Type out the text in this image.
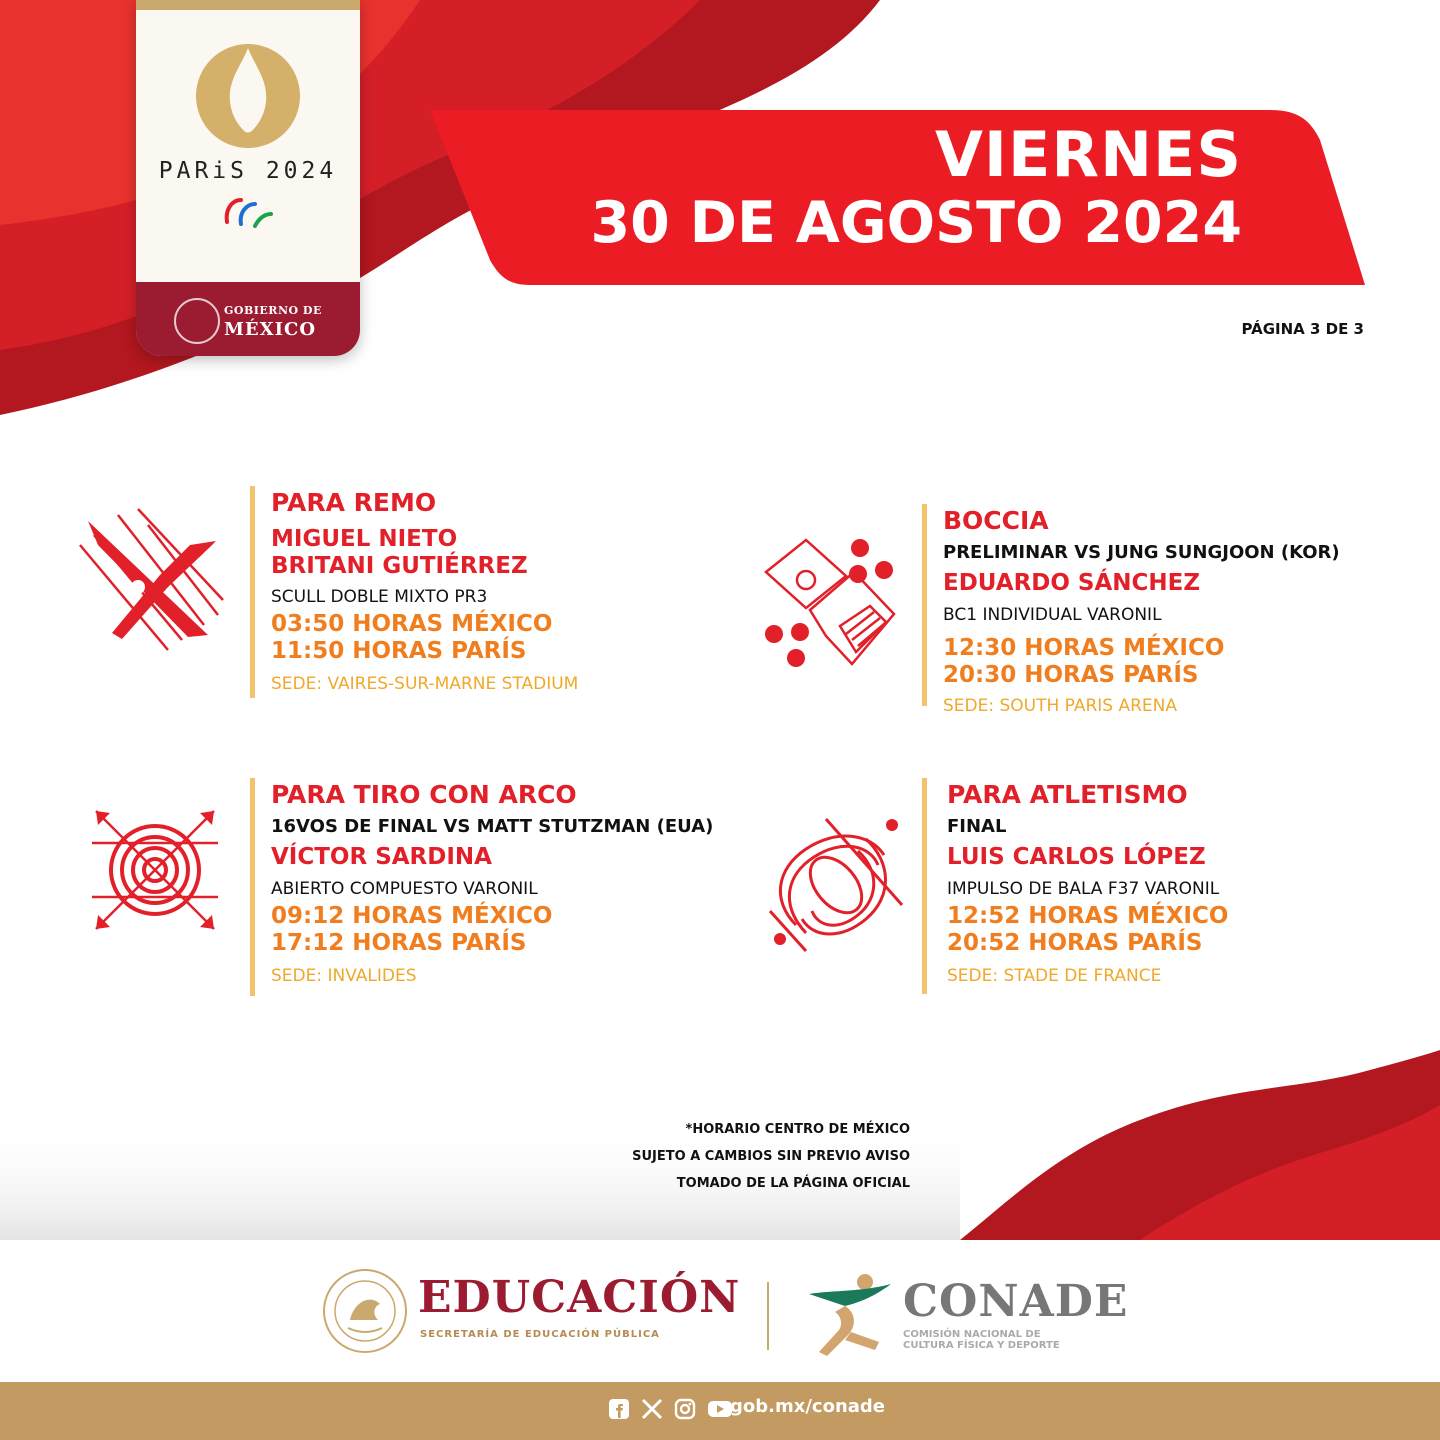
PARiS 2024
GOBIERNO DE
MÉXICO
VIERNES
30 DE AGOSTO 2024
PÁGINA 3 DE 3
PARA REMO
MIGUEL NIETO
BRITANI GUTIÉRREZ
SCULL DOBLE MIXTO PR3
03:50 HORAS MÉXICO
11:50 HORAS PARÍS
SEDE: VAIRES-SUR-MARNE STADIUM
BOCCIA
PRELIMINAR VS JUNG SUNGJOON (KOR)
EDUARDO SÁNCHEZ
BC1 INDIVIDUAL VARONIL
12:30 HORAS MÉXICO
20:30 HORAS PARÍS
SEDE: SOUTH PARIS ARENA
PARA TIRO CON ARCO
16VOS DE FINAL VS MATT STUTZMAN (EUA)
VÍCTOR SARDINA
ABIERTO COMPUESTO VARONIL
09:12 HORAS MÉXICO
17:12 HORAS PARÍS
SEDE: INVALIDES
PARA ATLETISMO
FINAL
LUIS CARLOS LÓPEZ
IMPULSO DE BALA F37 VARONIL
12:52 HORAS MÉXICO
20:52 HORAS PARÍS
SEDE: STADE DE FRANCE
*HORARIO CENTRO DE MÉXICO
SUJETO A CAMBIOS SIN PREVIO AVISO
TOMADO DE LA PÁGINA OFICIAL
EDUCACIÓN
SECRETARÍA DE EDUCACIÓN PÚBLICA
CONADE
COMISIÓN NACIONAL DE
CULTURA FÍSICA Y DEPORTE

gob.mx/conade
